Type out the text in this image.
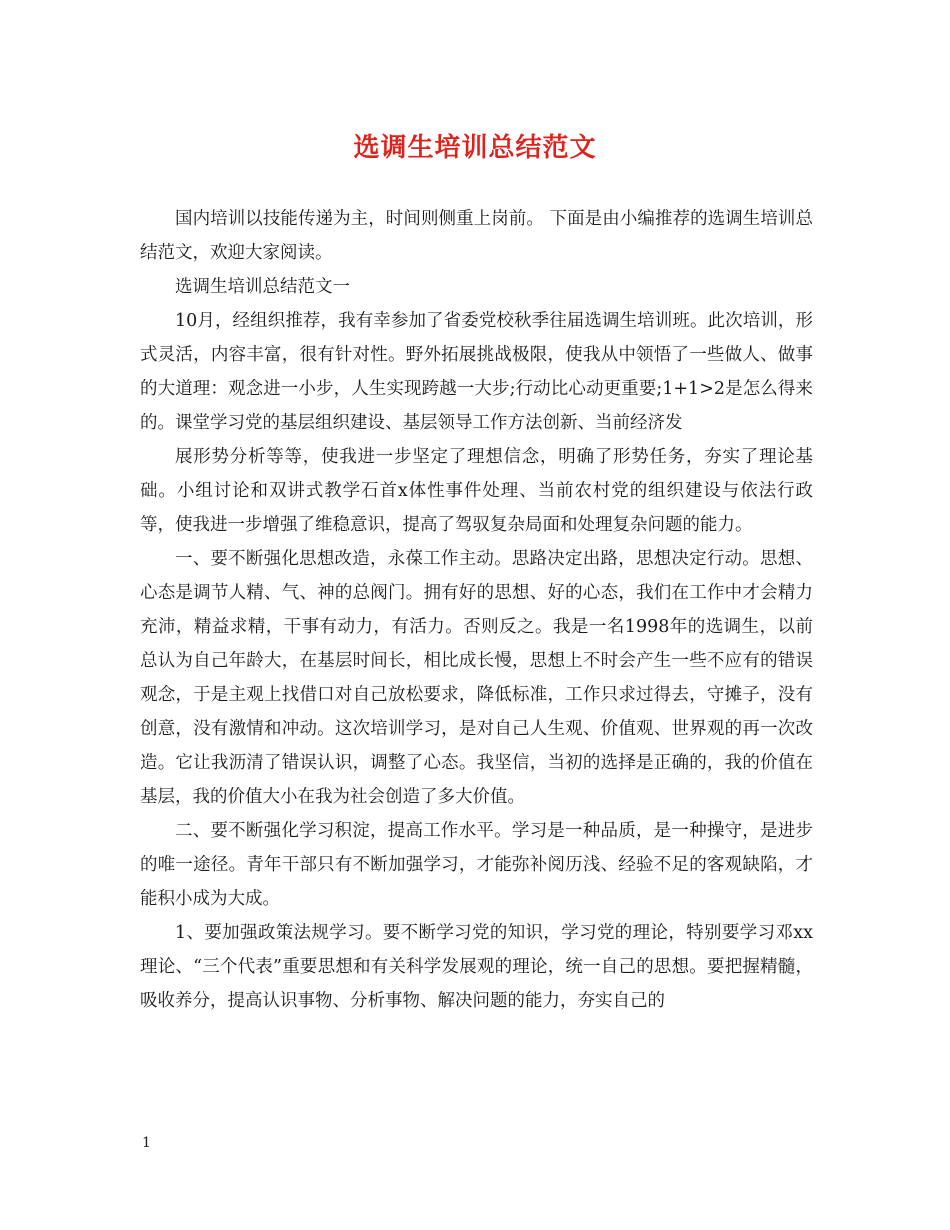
选调生培训总结范文

国内培训以技能传递为主，时间则侧重上岗前。 下面是由小编推荐的选调生培训总结范文，欢迎大家阅读。

选调生培训总结范文一

10月，经组织推荐，我有幸参加了省委党校秋季往届选调生培训班。此次培训，形式灵活，内容丰富，很有针对性。野外拓展挑战极限，使我从中领悟了一些做人、做事的大道理：观念进一小步，人生实现跨越一大步;行动比心动更重要;1+1>2是怎么得来的。课堂学习党的基层组织建设、基层领导工作方法创新、当前经济发

展形势分析等等，使我进一步坚定了理想信念，明确了形势任务，夯实了理论基础。小组讨论和双讲式教学石首x体性事件处理、当前农村党的组织建设与依法行政等，使我进一步增强了维稳意识，提高了驾驭复杂局面和处理复杂问题的能力。

一、要不断强化思想改造，永葆工作主动。思路决定出路，思想决定行动。思想、心态是调节人精、气、神的总阀门。拥有好的思想、好的心态，我们在工作中才会精力充沛，精益求精，干事有动力，有活力。否则反之。我是一名1998年的选调生，以前总认为自己年龄大，在基层时间长，相比成长慢，思想上不时会产生一些不应有的错误观念，于是主观上找借口对自己放松要求，降低标准，工作只求过得去，守摊子，没有创意，没有激情和冲动。这次培训学习，是对自己人生观、价值观、世界观的再一次改造。它让我沥清了错误认识，调整了心态。我坚信，当初的选择是正确的，我的价值在基层，我的价值大小在我为社会创造了多大价值。

二、要不断强化学习积淀，提高工作水平。学习是一种品质，是一种操守，是进步的唯一途径。青年干部只有不断加强学习，才能弥补阅历浅、经验不足的客观缺陷，才能积小成为大成。

1、要加强政策法规学习。要不断学习党的知识，学习党的理论，特别要学习邓xx理论、“三个代表”重要思想和有关科学发展观的理论，统一自己的思想。要把握精髓，吸收养分，提高认识事物、分析事物、解决问题的能力，夯实自己的

1
